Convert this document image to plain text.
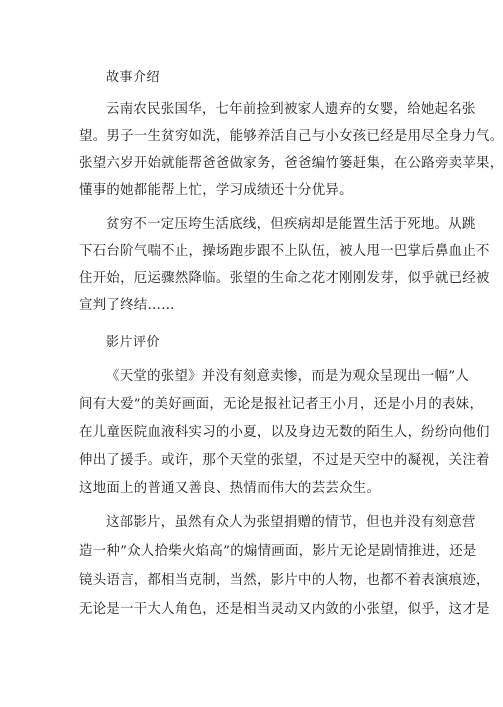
故事介绍
云南农民张国华，七年前捡到被家人遗弃的女婴，给她起名张
望。男子一生贫穷如洗，能够养活自己与小女孩已经是用尽全身力气。
张望六岁开始就能帮爸爸做家务，爸爸编竹篓赶集，在公路旁卖苹果，
懂事的她都能帮上忙，学习成绩还十分优异。
贫穷不一定压垮生活底线，但疾病却是能置生活于死地。从跳
下石台阶气喘不止，操场跑步跟不上队伍，被人甩一巴掌后鼻血止不
住开始，厄运骤然降临。张望的生命之花才刚刚发芽，似乎就已经被
宣判了终结……
影片评价
《天堂的张望》并没有刻意卖惨，而是为观众呈现出一幅”人
间有大爱”的美好画面，无论是报社记者王小月，还是小月的表妹，
在儿童医院血液科实习的小夏，以及身边无数的陌生人，纷纷向他们
伸出了援手。或许，那个天堂的张望，不过是天空中的凝视，关注着
这地面上的普通又善良、热情而伟大的芸芸众生。
这部影片，虽然有众人为张望捐赠的情节，但也并没有刻意营
造一种”众人拾柴火焰高”的煽情画面，影片无论是剧情推进，还是
镜头语言，都相当克制，当然，影片中的人物，也都不着表演痕迹，
无论是一干大人角色，还是相当灵动又内敛的小张望，似乎，这才是
